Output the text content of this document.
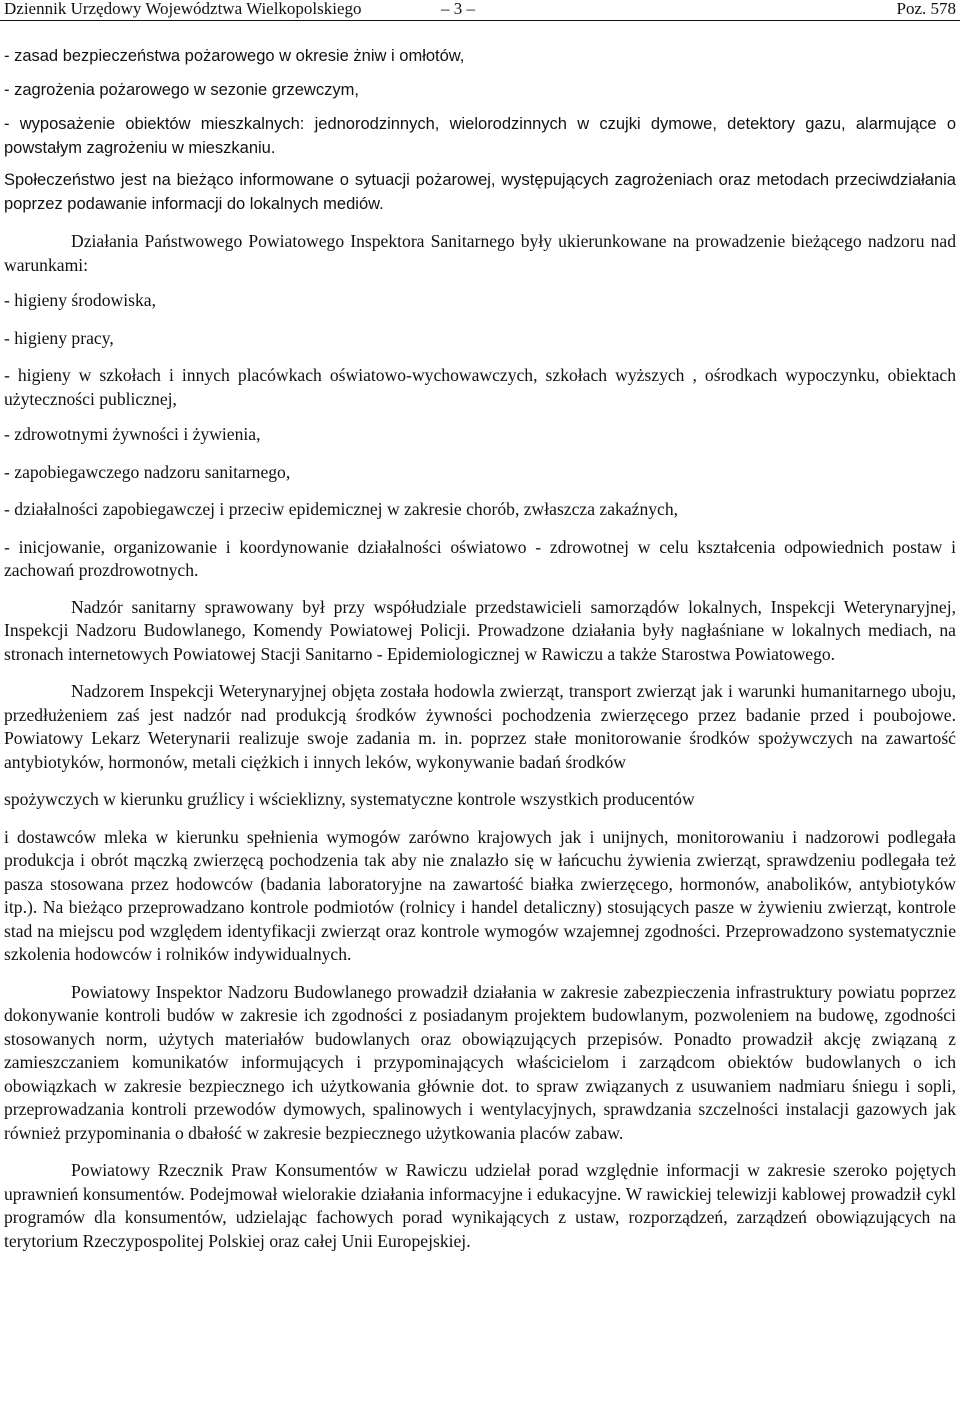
Dziennik Urzędowy Województwa Wielkopolskiego	– 3 –	Poz. 578

- zasad bezpieczeństwa pożarowego w okresie żniw i omłotów,

- zagrożenia pożarowego w sezonie grzewczym,

- wyposażenie obiektów mieszkalnych: jednorodzinnych, wielorodzinnych w czujki dymowe, detektory gazu, alarmujące o powstałym zagrożeniu w mieszkaniu.

Społeczeństwo jest na bieżąco informowane o sytuacji pożarowej, występujących zagrożeniach oraz metodach przeciwdziałania poprzez podawanie informacji do lokalnych mediów.

Działania Państwowego Powiatowego Inspektora Sanitarnego były ukierunkowane na prowadzenie bieżącego nadzoru nad warunkami:

- higieny środowiska,

- higieny pracy,

- higieny w szkołach i innych placówkach oświatowo-wychowawczych, szkołach wyższych , ośrodkach wypoczynku, obiektach użyteczności publicznej,

- zdrowotnymi żywności i żywienia,

- zapobiegawczego nadzoru sanitarnego,

- działalności zapobiegawczej i przeciw epidemicznej w zakresie chorób, zwłaszcza zakaźnych,

- inicjowanie, organizowanie i koordynowanie działalności oświatowo - zdrowotnej w celu kształcenia odpowiednich postaw i zachowań prozdrowotnych.

Nadzór sanitarny sprawowany był przy współudziale przedstawicieli samorządów lokalnych, Inspekcji Weterynaryjnej, Inspekcji Nadzoru Budowlanego, Komendy Powiatowej Policji. Prowadzone działania były nagłaśniane w lokalnych mediach, na stronach internetowych Powiatowej Stacji Sanitarno - Epidemiologicznej w Rawiczu a także Starostwa Powiatowego.

Nadzorem Inspekcji Weterynaryjnej objęta została hodowla zwierząt, transport zwierząt jak i warunki humanitarnego uboju, przedłużeniem zaś jest nadzór nad produkcją środków żywności pochodzenia zwierzęcego przez badanie przed i poubojowe. Powiatowy Lekarz Weterynarii realizuje swoje zadania m. in. poprzez stałe monitorowanie środków spożywczych na zawartość antybiotyków, hormonów, metali ciężkich i innych leków, wykonywanie badań środków

spożywczych w kierunku gruźlicy i wścieklizny, systematyczne kontrole wszystkich producentów

i dostawców mleka w kierunku spełnienia wymogów zarówno krajowych jak i unijnych, monitorowaniu i nadzorowi podlegała produkcja i obrót mączką zwierzęcą pochodzenia tak aby nie znalazło się w łańcuchu żywienia zwierząt, sprawdzeniu podlegała też pasza stosowana przez hodowców (badania laboratoryjne na zawartość białka zwierzęcego, hormonów, anabolików, antybiotyków itp.). Na bieżąco przeprowadzano kontrole podmiotów (rolnicy i handel detaliczny) stosujących pasze w żywieniu zwierząt, kontrole stad na miejscu pod względem identyfikacji zwierząt oraz kontrole wymogów wzajemnej zgodności. Przeprowadzono systematycznie szkolenia hodowców i rolników indywidualnych.

Powiatowy Inspektor Nadzoru Budowlanego prowadził działania w zakresie zabezpieczenia infrastruktury powiatu poprzez dokonywanie kontroli budów w zakresie ich zgodności z posiadanym projektem budowlanym, pozwoleniem na budowę, zgodności stosowanych norm, użytych materiałów budowlanych oraz obowiązujących przepisów. Ponadto prowadził akcję związaną z zamieszczaniem komunikatów informujących i przypominających właścicielom i zarządcom obiektów budowlanych o ich obowiązkach w zakresie bezpiecznego ich użytkowania głównie dot. to spraw związanych z usuwaniem nadmiaru śniegu i sopli, przeprowadzania kontroli przewodów dymowych, spalinowych i wentylacyjnych, sprawdzania szczelności instalacji gazowych jak również przypominania o dbałość w zakresie bezpiecznego użytkowania placów zabaw.

Powiatowy Rzecznik Praw Konsumentów w Rawiczu udzielał porad względnie informacji w zakresie szeroko pojętych uprawnień konsumentów. Podejmował wielorakie działania informacyjne i edukacyjne. W rawickiej telewizji kablowej prowadził cykl programów dla konsumentów, udzielając fachowych porad wynikających z ustaw, rozporządzeń, zarządzeń obowiązujących na terytorium Rzeczypospolitej Polskiej oraz całej Unii Europejskiej.
